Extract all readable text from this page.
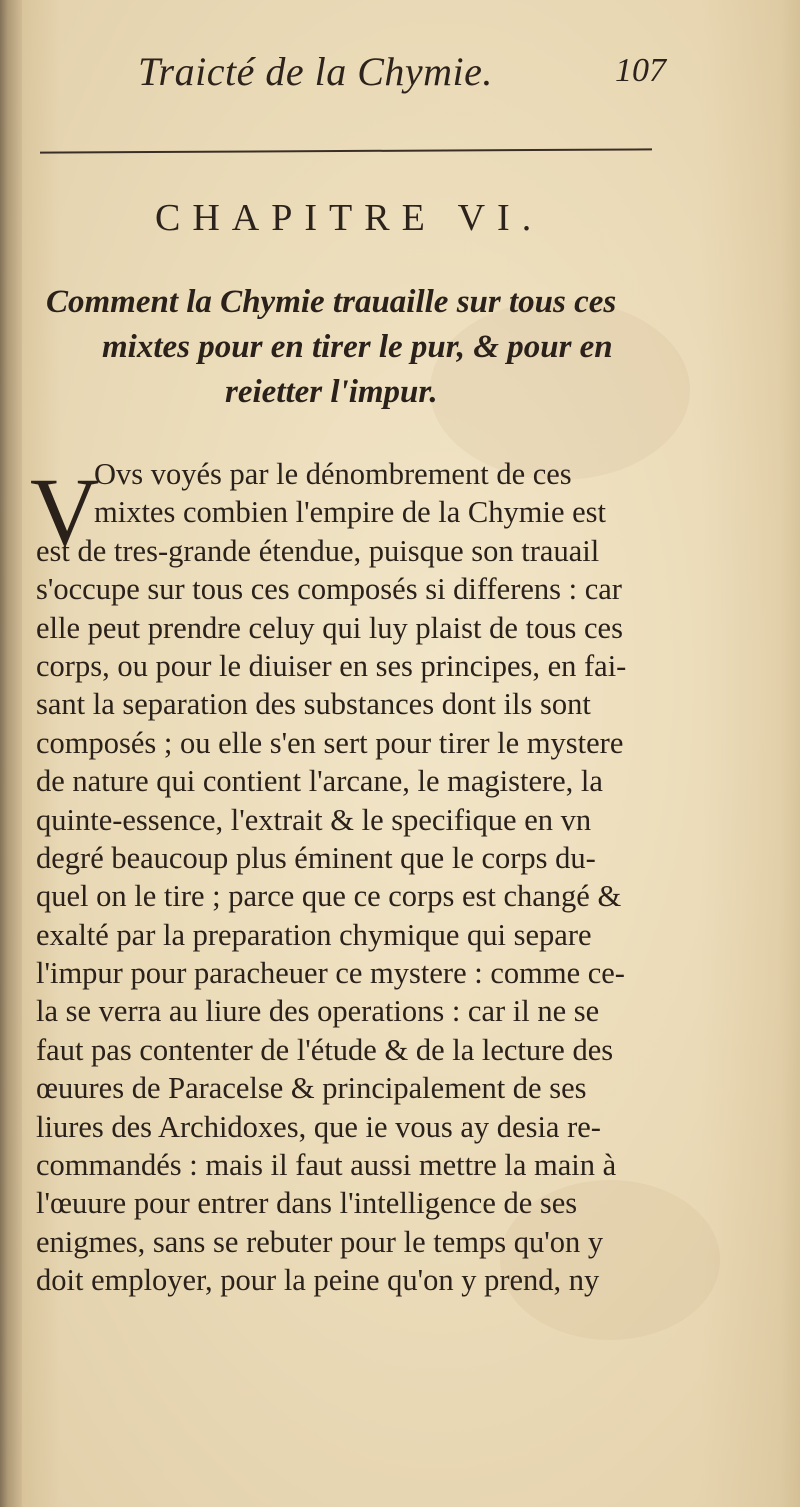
Traicté de la Chymie.	107
CHAPITRE VI.
Comment la Chymie trauaille sur tous ces
mixtes pour en tirer le pur, & pour en
reietter l'impur.
V
Ovs voyés par le dénombrement de ces
mixtes combien l'empire de la Chymie est
est de tres-grande étendue, puisque son trauail
s'occupe sur tous ces composés si differens : car
elle peut prendre celuy qui luy plaist de tous ces
corps, ou pour le diuiser en ses principes, en fai-
sant la separation des substances dont ils sont
composés ; ou elle s'en sert pour tirer le mystere
de nature qui contient l'arcane, le magistere, la
quinte-essence, l'extrait & le specifique en vn
degré beaucoup plus éminent que le corps du-
quel on le tire ; parce que ce corps est changé &
exalté par la preparation chymique qui separe
l'impur pour paracheuer ce mystere : comme ce-
la se verra au liure des operations : car il ne se
faut pas contenter de l'étude & de la lecture des
œuures de Paracelse & principalement de ses
liures des Archidoxes, que ie vous ay desia re-
commandés : mais il faut aussi mettre la main à
l'œuure pour entrer dans l'intelligence de ses
enigmes, sans se rebuter pour le temps qu'on y
doit employer, pour la peine qu'on y prend, ny
